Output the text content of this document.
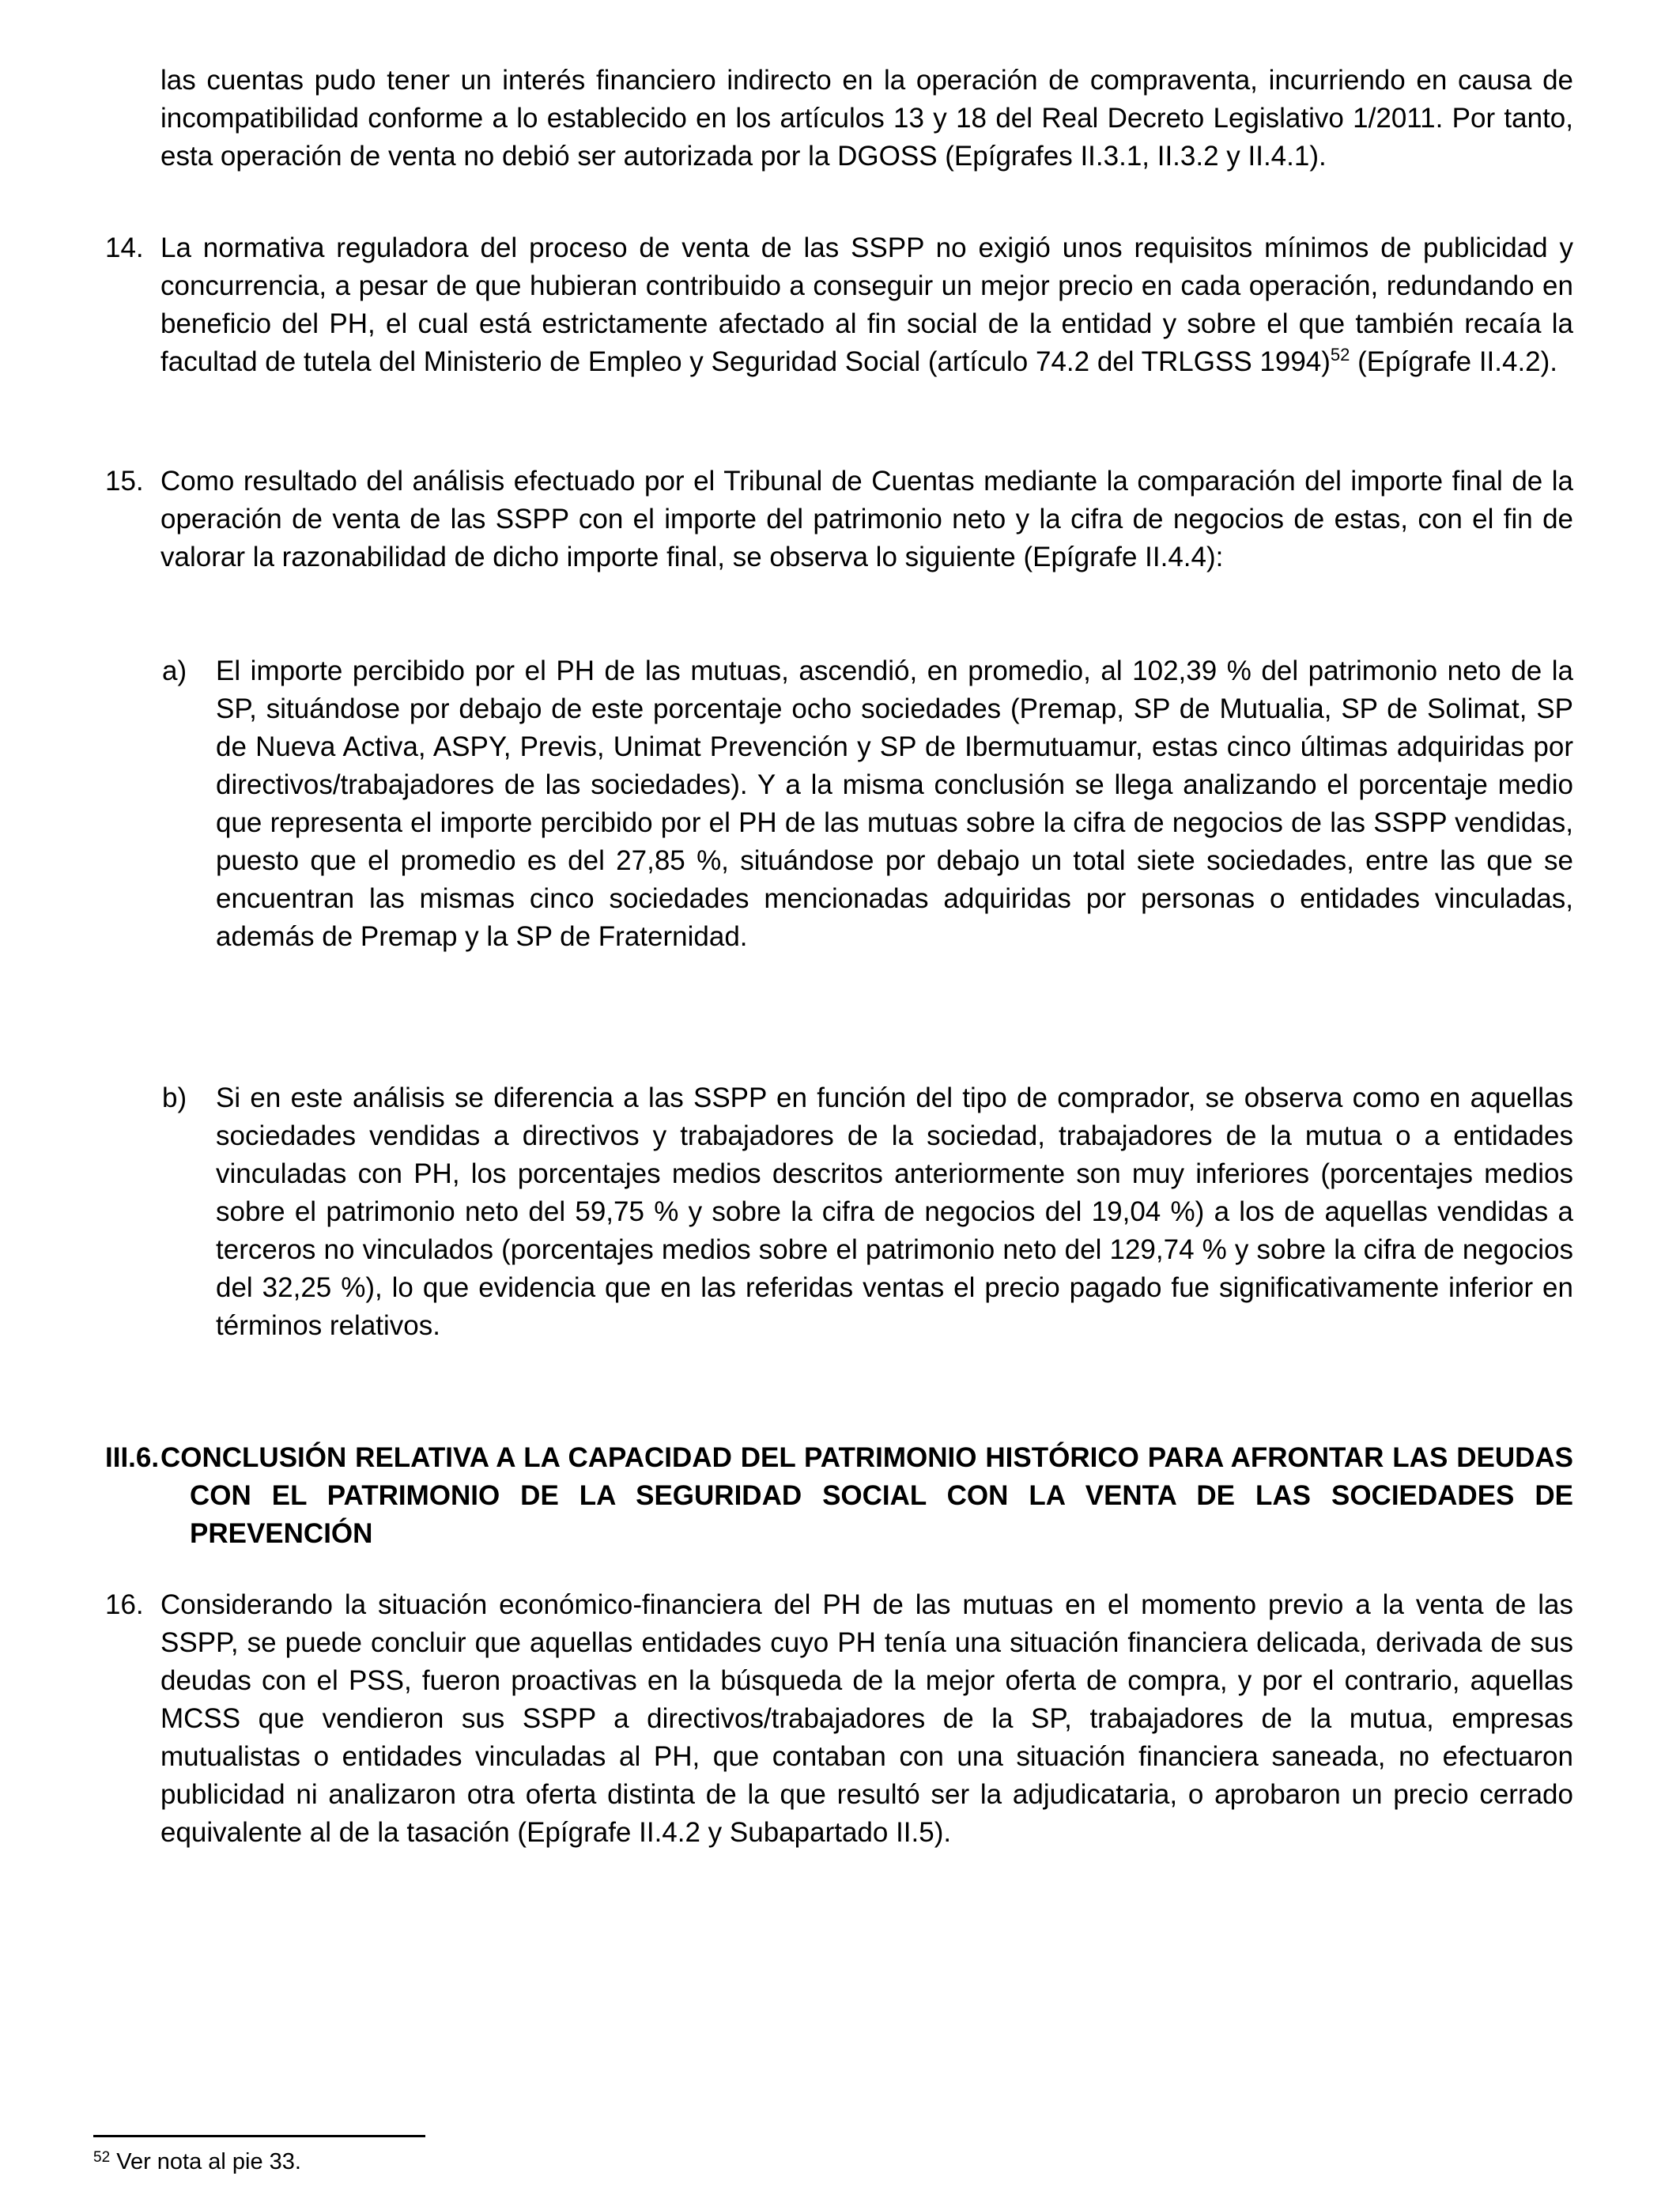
las cuentas pudo tener un interés financiero indirecto en la operación de compraventa, incurriendo en causa de incompatibilidad conforme a lo establecido en los artículos 13 y 18 del Real Decreto Legislativo 1/2011. Por tanto, esta operación de venta no debió ser autorizada por la DGOSS (Epígrafes II.3.1, II.3.2 y II.4.1).

14. La normativa reguladora del proceso de venta de las SSPP no exigió unos requisitos mínimos de publicidad y concurrencia, a pesar de que hubieran contribuido a conseguir un mejor precio en cada operación, redundando en beneficio del PH, el cual está estrictamente afectado al fin social de la entidad y sobre el que también recaía la facultad de tutela del Ministerio de Empleo y Seguridad Social (artículo 74.2 del TRLGSS 1994)$^{52}$ (Epígrafe II.4.2).
15. Como resultado del análisis efectuado por el Tribunal de Cuentas mediante la comparación del importe final de la operación de venta de las SSPP con el importe del patrimonio neto y la cifra de negocios de estas, con el fin de valorar la razonabilidad de dicho importe final, se observa lo siguiente (Epígrafe II.4.4):
a)	El importe percibido por el PH de las mutuas, ascendió, en promedio, al 102,39 % del patrimonio neto de la SP, situándose por debajo de este porcentaje ocho sociedades (Premap, SP de Mutualia, SP de Solimat, SP de Nueva Activa, ASPY, Previs, Unimat Prevención y SP de Ibermutuamur, estas cinco últimas adquiridas por directivos/trabajadores de las sociedades). Y a la misma conclusión se llega analizando el porcentaje medio que representa el importe percibido por el PH de las mutuas sobre la cifra de negocios de las SSPP vendidas, puesto que el promedio es del 27,85 %, situándose por debajo un total siete sociedades, entre las que se encuentran las mismas cinco sociedades mencionadas adquiridas por personas o entidades vinculadas, además de Premap y la SP de Fraternidad.
b)	Si en este análisis se diferencia a las SSPP en función del tipo de comprador, se observa como en aquellas sociedades vendidas a directivos y trabajadores de la sociedad, trabajadores de la mutua o a entidades vinculadas con PH, los porcentajes medios descritos anteriormente son muy inferiores (porcentajes medios sobre el patrimonio neto del 59,75 % y sobre la cifra de negocios del 19,04 %) a los de aquellas vendidas a terceros no vinculados (porcentajes medios sobre el patrimonio neto del 129,74 % y sobre la cifra de negocios del 32,25 %), lo que evidencia que en las referidas ventas el precio pagado fue significativamente inferior en términos relativos.
III.6.CONCLUSIÓN RELATIVA A LA CAPACIDAD DEL PATRIMONIO HISTÓRICO PARA AFRONTAR LAS DEUDAS CON EL PATRIMONIO DE LA SEGURIDAD SOCIAL CON LA VENTA DE LAS SOCIEDADES DE PREVENCIÓN
16. Considerando la situación económico-financiera del PH de las mutuas en el momento previo a la venta de las SSPP, se puede concluir que aquellas entidades cuyo PH tenía una situación financiera delicada, derivada de sus deudas con el PSS, fueron proactivas en la búsqueda de la mejor oferta de compra, y por el contrario, aquellas MCSS que vendieron sus SSPP a directivos/trabajadores de la SP, trabajadores de la mutua, empresas mutualistas o entidades vinculadas al PH, que contaban con una situación financiera saneada, no efectuaron publicidad ni analizaron otra oferta distinta de la que resultó ser la adjudicataria, o aprobaron un precio cerrado equivalente al de la tasación (Epígrafe II.4.2 y Subapartado II.5).
$^{52}$ Ver nota al pie 33.
